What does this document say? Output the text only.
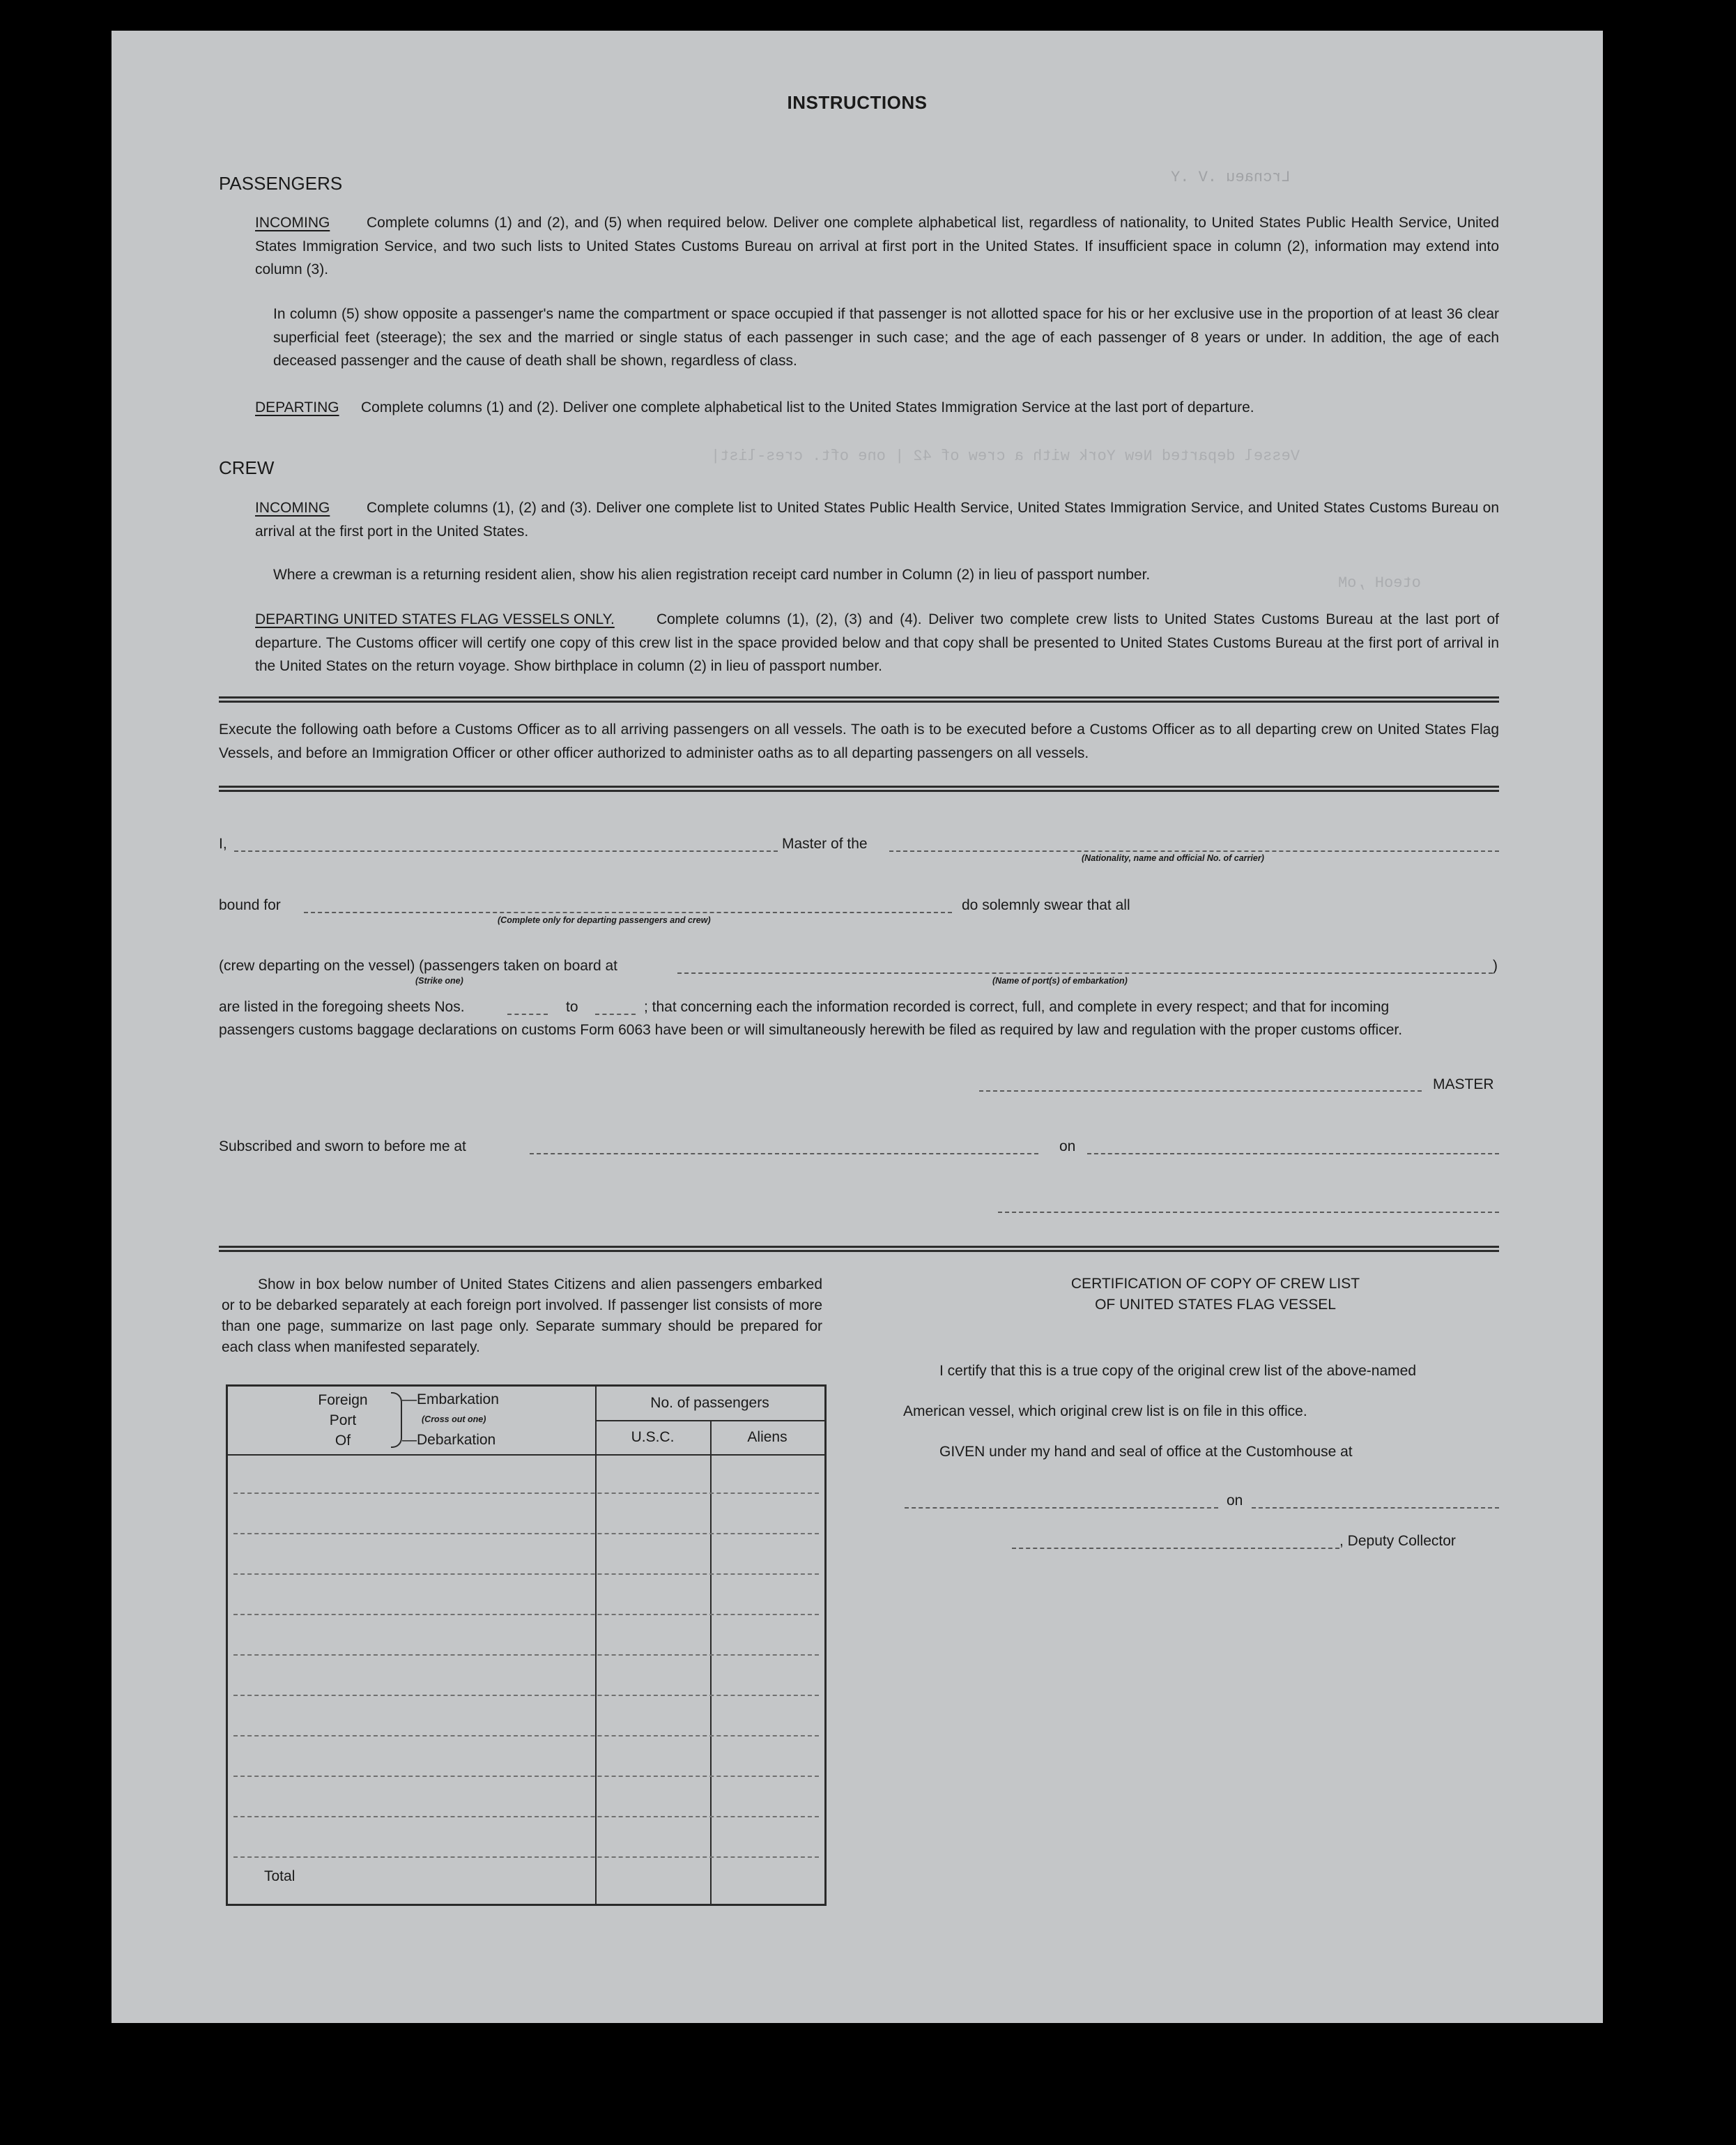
Lrcnaeu .V .Y
Vessel departed New York with a crew of 42 | one oft. cres-list|
oteoH ,oM
INSTRUCTIONS
PASSENGERS
Complete columns (1) and (2), and (5) when required below. Deliver one complete alphabetical list, regardless of nationality, to United States Public Health Service, United States Immigration Service, and two such lists to United States Customs Bureau on arrival at first port in the United States. If insufficient space in column (2), information may extend into column (3).
INCOMING
In column (5) show opposite a passenger's name the compartment or space occupied if that passenger is not allotted space for his or her exclusive use in the proportion of at least 36 clear superficial feet (steerage); the sex and the married or single status of each passenger in such case; and the age of each passenger of 8 years or under. In addition, the age of each deceased passenger and the cause of death shall be shown, regardless of class.
Complete columns (1) and (2). Deliver one complete alphabetical list to the United States Immigration Service at the last port of departure.
DEPARTING
CREW
Complete columns (1), (2) and (3). Deliver one complete list to United States Public Health Service, United States Immigration Service, and United States Customs Bureau on arrival at the first port in the United States.
INCOMING
Where a crewman is a returning resident alien, show his alien registration receipt card number in Column (2) in lieu of passport number.
Complete columns (1), (2), (3) and (4). Deliver two complete crew lists to United States Customs Bureau at the last port of departure. The Customs officer will certify one copy of this crew list in the space provided below and that copy shall be presented to United States Customs Bureau at the first port of arrival in the United States on the return voyage. Show birthplace in column (2) in lieu of passport number.
DEPARTING UNITED STATES FLAG VESSELS ONLY.
Execute the following oath before a Customs Officer as to all arriving passengers on all vessels. The oath is to be executed before a Customs Officer as to all departing crew on United States Flag Vessels, and before an Immigration Officer or other officer authorized to administer oaths as to all departing passengers on all vessels.
I,	Master of the
(Nationality, name and official No. of carrier)
bound for
(Complete only for departing passengers and crew)
do solemnly swear that all
(crew departing on the vessel) (passengers taken on board at
(Strike one)
)
(Name of port(s) of embarkation)
are listed in the foregoing sheets Nos.	to	; that concerning each the information recorded is correct, full, and complete in every respect; and that for incoming
passengers customs baggage declarations on customs Form 6063 have been or will simultaneously herewith be filed as required by law and regulation with the proper customs officer.
MASTER
Subscribed and sworn to before me at	on
Show in box below number of United States Citizens and alien passengers embarked or to be debarked separately at each foreign port involved. If passenger list consists of more than one page, summarize on last page only. Separate summary should be prepared for each class when manifested separately.
Foreign
Port
Of
—Embarkation
(Cross out one)
—Debarkation
No. of passengers
U.S.C.	Aliens
Total
CERTIFICATION OF COPY OF CREW LIST
OF UNITED STATES FLAG VESSEL
I certify that this is a true copy of the original crew list of the above-named
American vessel, which original crew list is on file in this office.
GIVEN under my hand and seal of office at the Customhouse at
on
, Deputy Collector
